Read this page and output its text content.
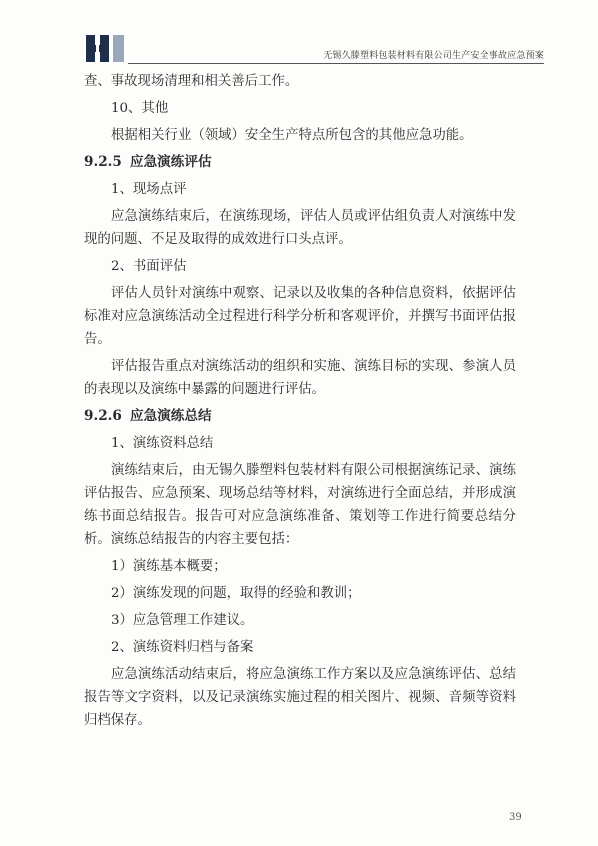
无锡久滕塑料包装材料有限公司生产安全事故应急预案

查、事故现场清理和相关善后工作。

10、其他

根据相关行业（领域）安全生产特点所包含的其他应急功能。

9.2.5 应急演练评估

1、现场点评

应急演练结束后，在演练现场，评估人员或评估组负责人对演练中发现的问题、不足及取得的成效进行口头点评。

2、书面评估

评估人员针对演练中观察、记录以及收集的各种信息资料，依据评估标准对应急演练活动全过程进行科学分析和客观评价，并撰写书面评估报告。

评估报告重点对演练活动的组织和实施、演练目标的实现、参演人员的表现以及演练中暴露的问题进行评估。

9.2.6 应急演练总结

1、演练资料总结

演练结束后，由无锡久滕塑料包装材料有限公司根据演练记录、演练评估报告、应急预案、现场总结等材料，对演练进行全面总结，并形成演练书面总结报告。报告可对应急演练准备、策划等工作进行简要总结分析。演练总结报告的内容主要包括：

1）演练基本概要；

2）演练发现的问题，取得的经验和教训；

3）应急管理工作建议。

2、演练资料归档与备案

应急演练活动结束后，将应急演练工作方案以及应急演练评估、总结报告等文字资料，以及记录演练实施过程的相关图片、视频、音频等资料归档保存。

39
